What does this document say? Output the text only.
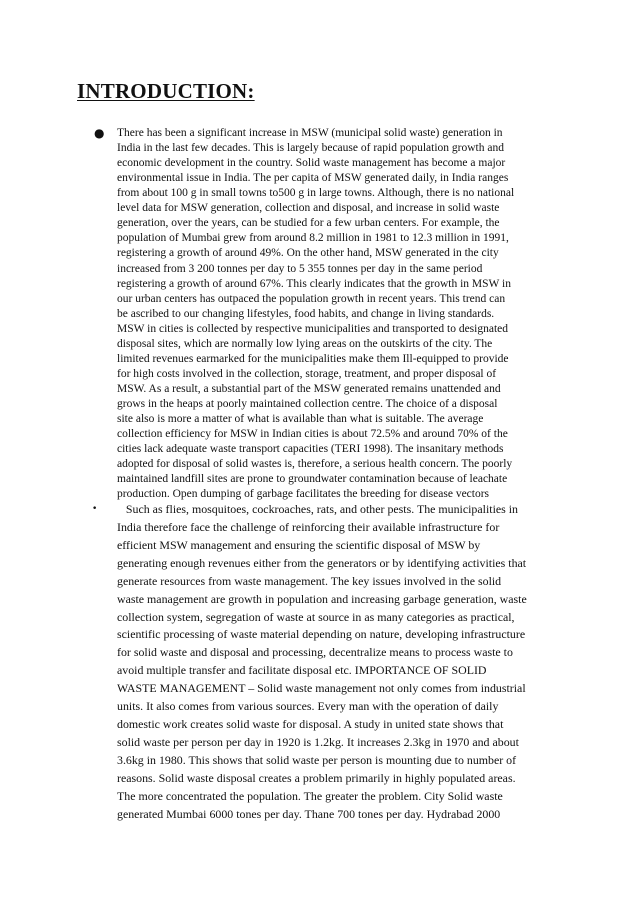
INTRODUCTION:
● There has been a significant increase in MSW (municipal solid waste) generation in
India in the last few decades. This is largely because of rapid population growth and
economic development in the country. Solid waste management has become a major
environmental issue in India. The per capita of MSW generated daily, in India ranges
from about 100 g in small towns to500 g in large towns. Although, there is no national
level data for MSW generation, collection and disposal, and increase in solid waste
generation, over the years, can be studied for a few urban centers. For example, the
population of Mumbai grew from around 8.2 million in 1981 to 12.3 million in 1991,
registering a growth of around 49%. On the other hand, MSW generated in the city
increased from 3 200 tonnes per day to 5 355 tonnes per day in the same period
registering a growth of around 67%. This clearly indicates that the growth in MSW in
our urban centers has outpaced the population growth in recent years. This trend can
be ascribed to our changing lifestyles, food habits, and change in living standards.
MSW in cities is collected by respective municipalities and transported to designated
disposal sites, which are normally low lying areas on the outskirts of the city. The
limited revenues earmarked for the municipalities make them Ill-equipped to provide
for high costs involved in the collection, storage, treatment, and proper disposal of
MSW. As a result, a substantial part of the MSW generated remains unattended and
grows in the heaps at poorly maintained collection centre. The choice of a disposal
site also is more a matter of what is available than what is suitable. The average
collection efficiency for MSW in Indian cities is about 72.5% and around 70% of the
cities lack adequate waste transport capacities (TERI 1998). The insanitary methods
adopted for disposal of solid wastes is, therefore, a serious health concern. The poorly
maintained landfill sites are prone to groundwater contamination because of leachate
production. Open dumping of garbage facilitates the breeding for disease vectors
• Such as flies, mosquitoes, cockroaches, rats, and other pests. The municipalities in
India therefore face the challenge of reinforcing their available infrastructure for
efficient MSW management and ensuring the scientific disposal of MSW by
generating enough revenues either from the generators or by identifying activities that
generate resources from waste management. The key issues involved in the solid
waste management are growth in population and increasing garbage generation, waste
collection system, segregation of waste at source in as many categories as practical,
scientific processing of waste material depending on nature, developing infrastructure
for solid waste and disposal and processing, decentralize means to process waste to
avoid multiple transfer and facilitate disposal etc. IMPORTANCE OF SOLID
WASTE MANAGEMENT – Solid waste management not only comes from industrial
units. It also comes from various sources. Every man with the operation of daily
domestic work creates solid waste for disposal. A study in united state shows that
solid waste per person per day in 1920 is 1.2kg. It increases 2.3kg in 1970 and about
3.6kg in 1980. This shows that solid waste per person is mounting due to number of
reasons. Solid waste disposal creates a problem primarily in highly populated areas.
The more concentrated the population. The greater the problem. City Solid waste
generated Mumbai 6000 tones per day. Thane 700 tones per day. Hydrabad 2000
